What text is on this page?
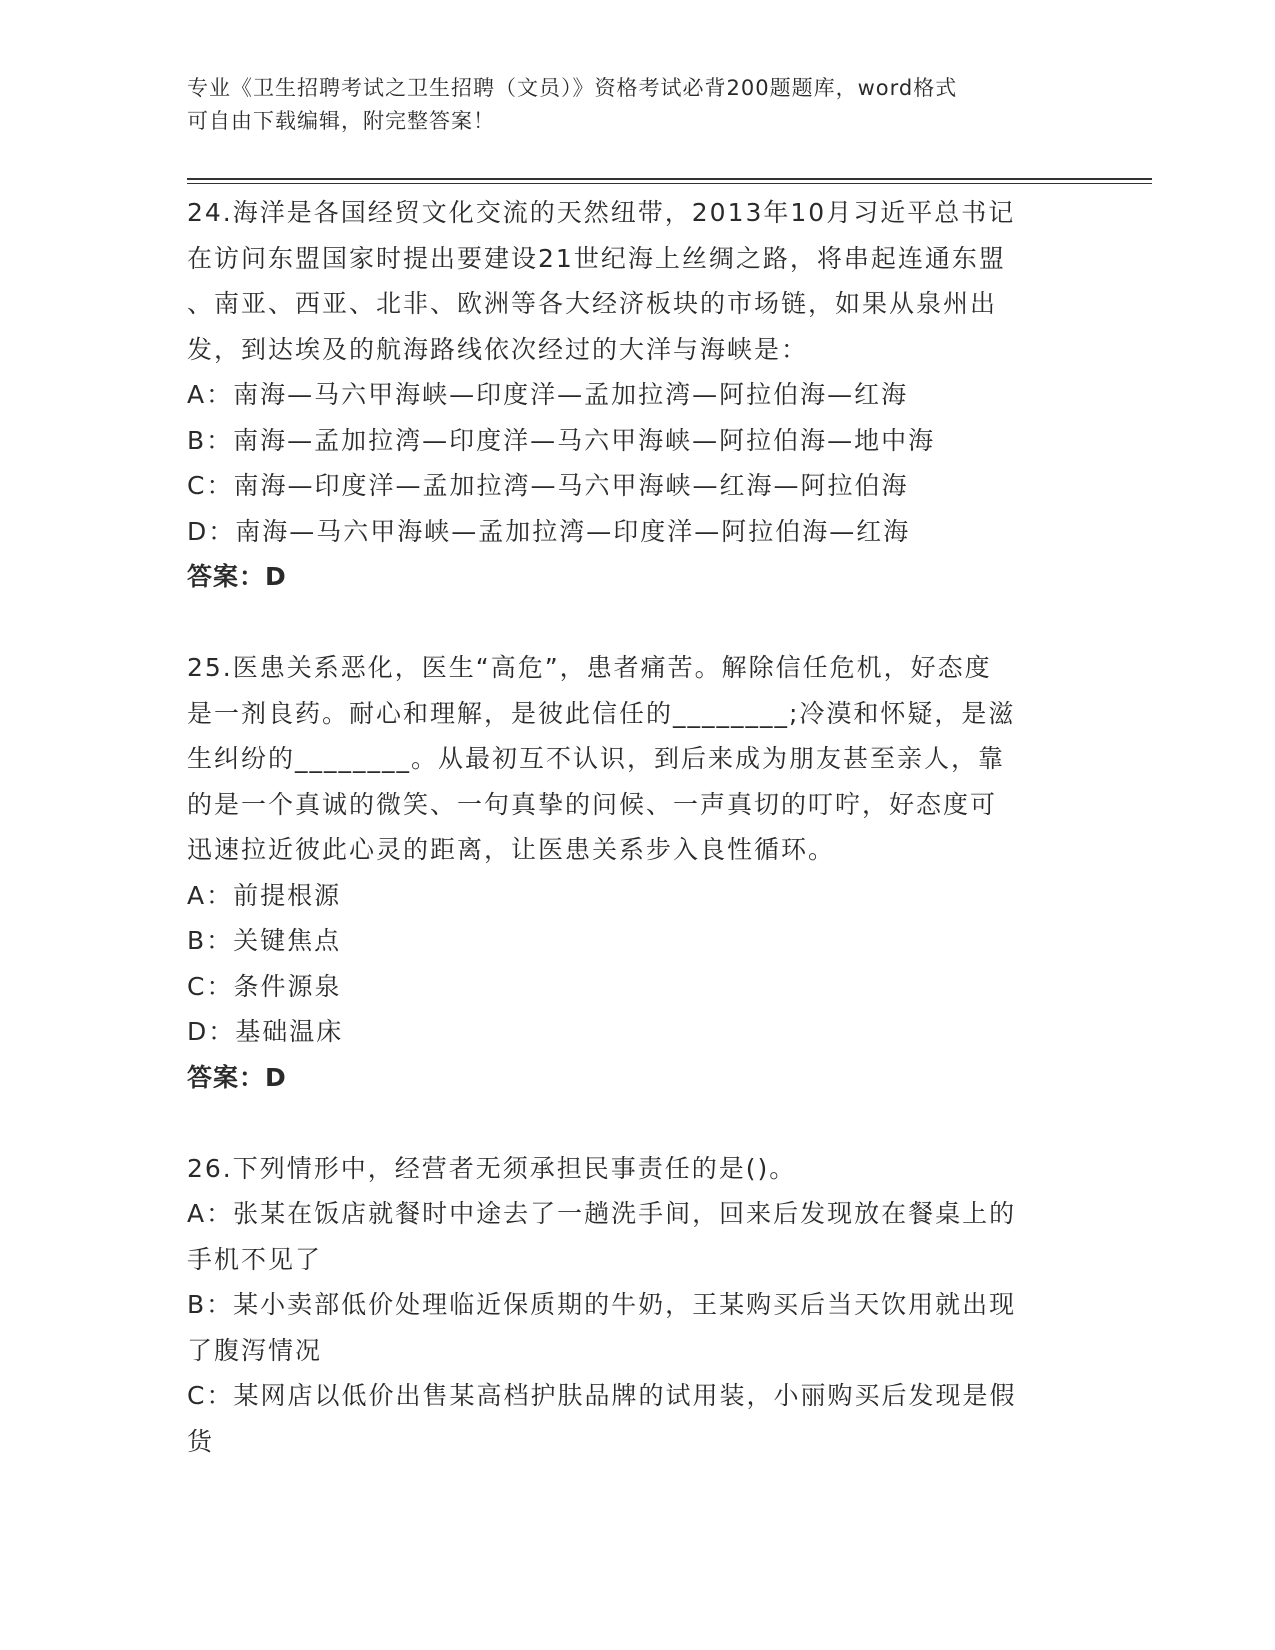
专业《卫生招聘考试之卫生招聘（文员）》资格考试必背200题题库，word格式

可自由下载编辑，附完整答案！

24.海洋是各国经贸文化交流的天然纽带，2013年10月习近平总书记

在访问东盟国家时提出要建设21世纪海上丝绸之路，将串起连通东盟

、南亚、西亚、北非、欧洲等各大经济板块的市场链，如果从泉州出

发，到达埃及的航海路线依次经过的大洋与海峡是：

A：南海—马六甲海峡—印度洋—孟加拉湾—阿拉伯海—红海

B：南海—孟加拉湾—印度洋—马六甲海峡—阿拉伯海—地中海

C：南海—印度洋—孟加拉湾—马六甲海峡—红海—阿拉伯海

D：南海—马六甲海峡—孟加拉湾—印度洋—阿拉伯海—红海

答案：D

25.医患关系恶化，医生“高危”，患者痛苦。解除信任危机，好态度

是一剂良药。耐心和理解，是彼此信任的________;冷漠和怀疑，是滋

生纠纷的________。从最初互不认识，到后来成为朋友甚至亲人，靠

的是一个真诚的微笑、一句真挚的问候、一声真切的叮咛，好态度可

迅速拉近彼此心灵的距离，让医患关系步入良性循环。

A：前提根源

B：关键焦点

C：条件源泉

D：基础温床

答案：D

26.下列情形中，经营者无须承担民事责任的是()。

A：张某在饭店就餐时中途去了一趟洗手间，回来后发现放在餐桌上的

手机不见了

B：某小卖部低价处理临近保质期的牛奶，王某购买后当天饮用就出现

了腹泻情况

C：某网店以低价出售某高档护肤品牌的试用装，小丽购买后发现是假

货
